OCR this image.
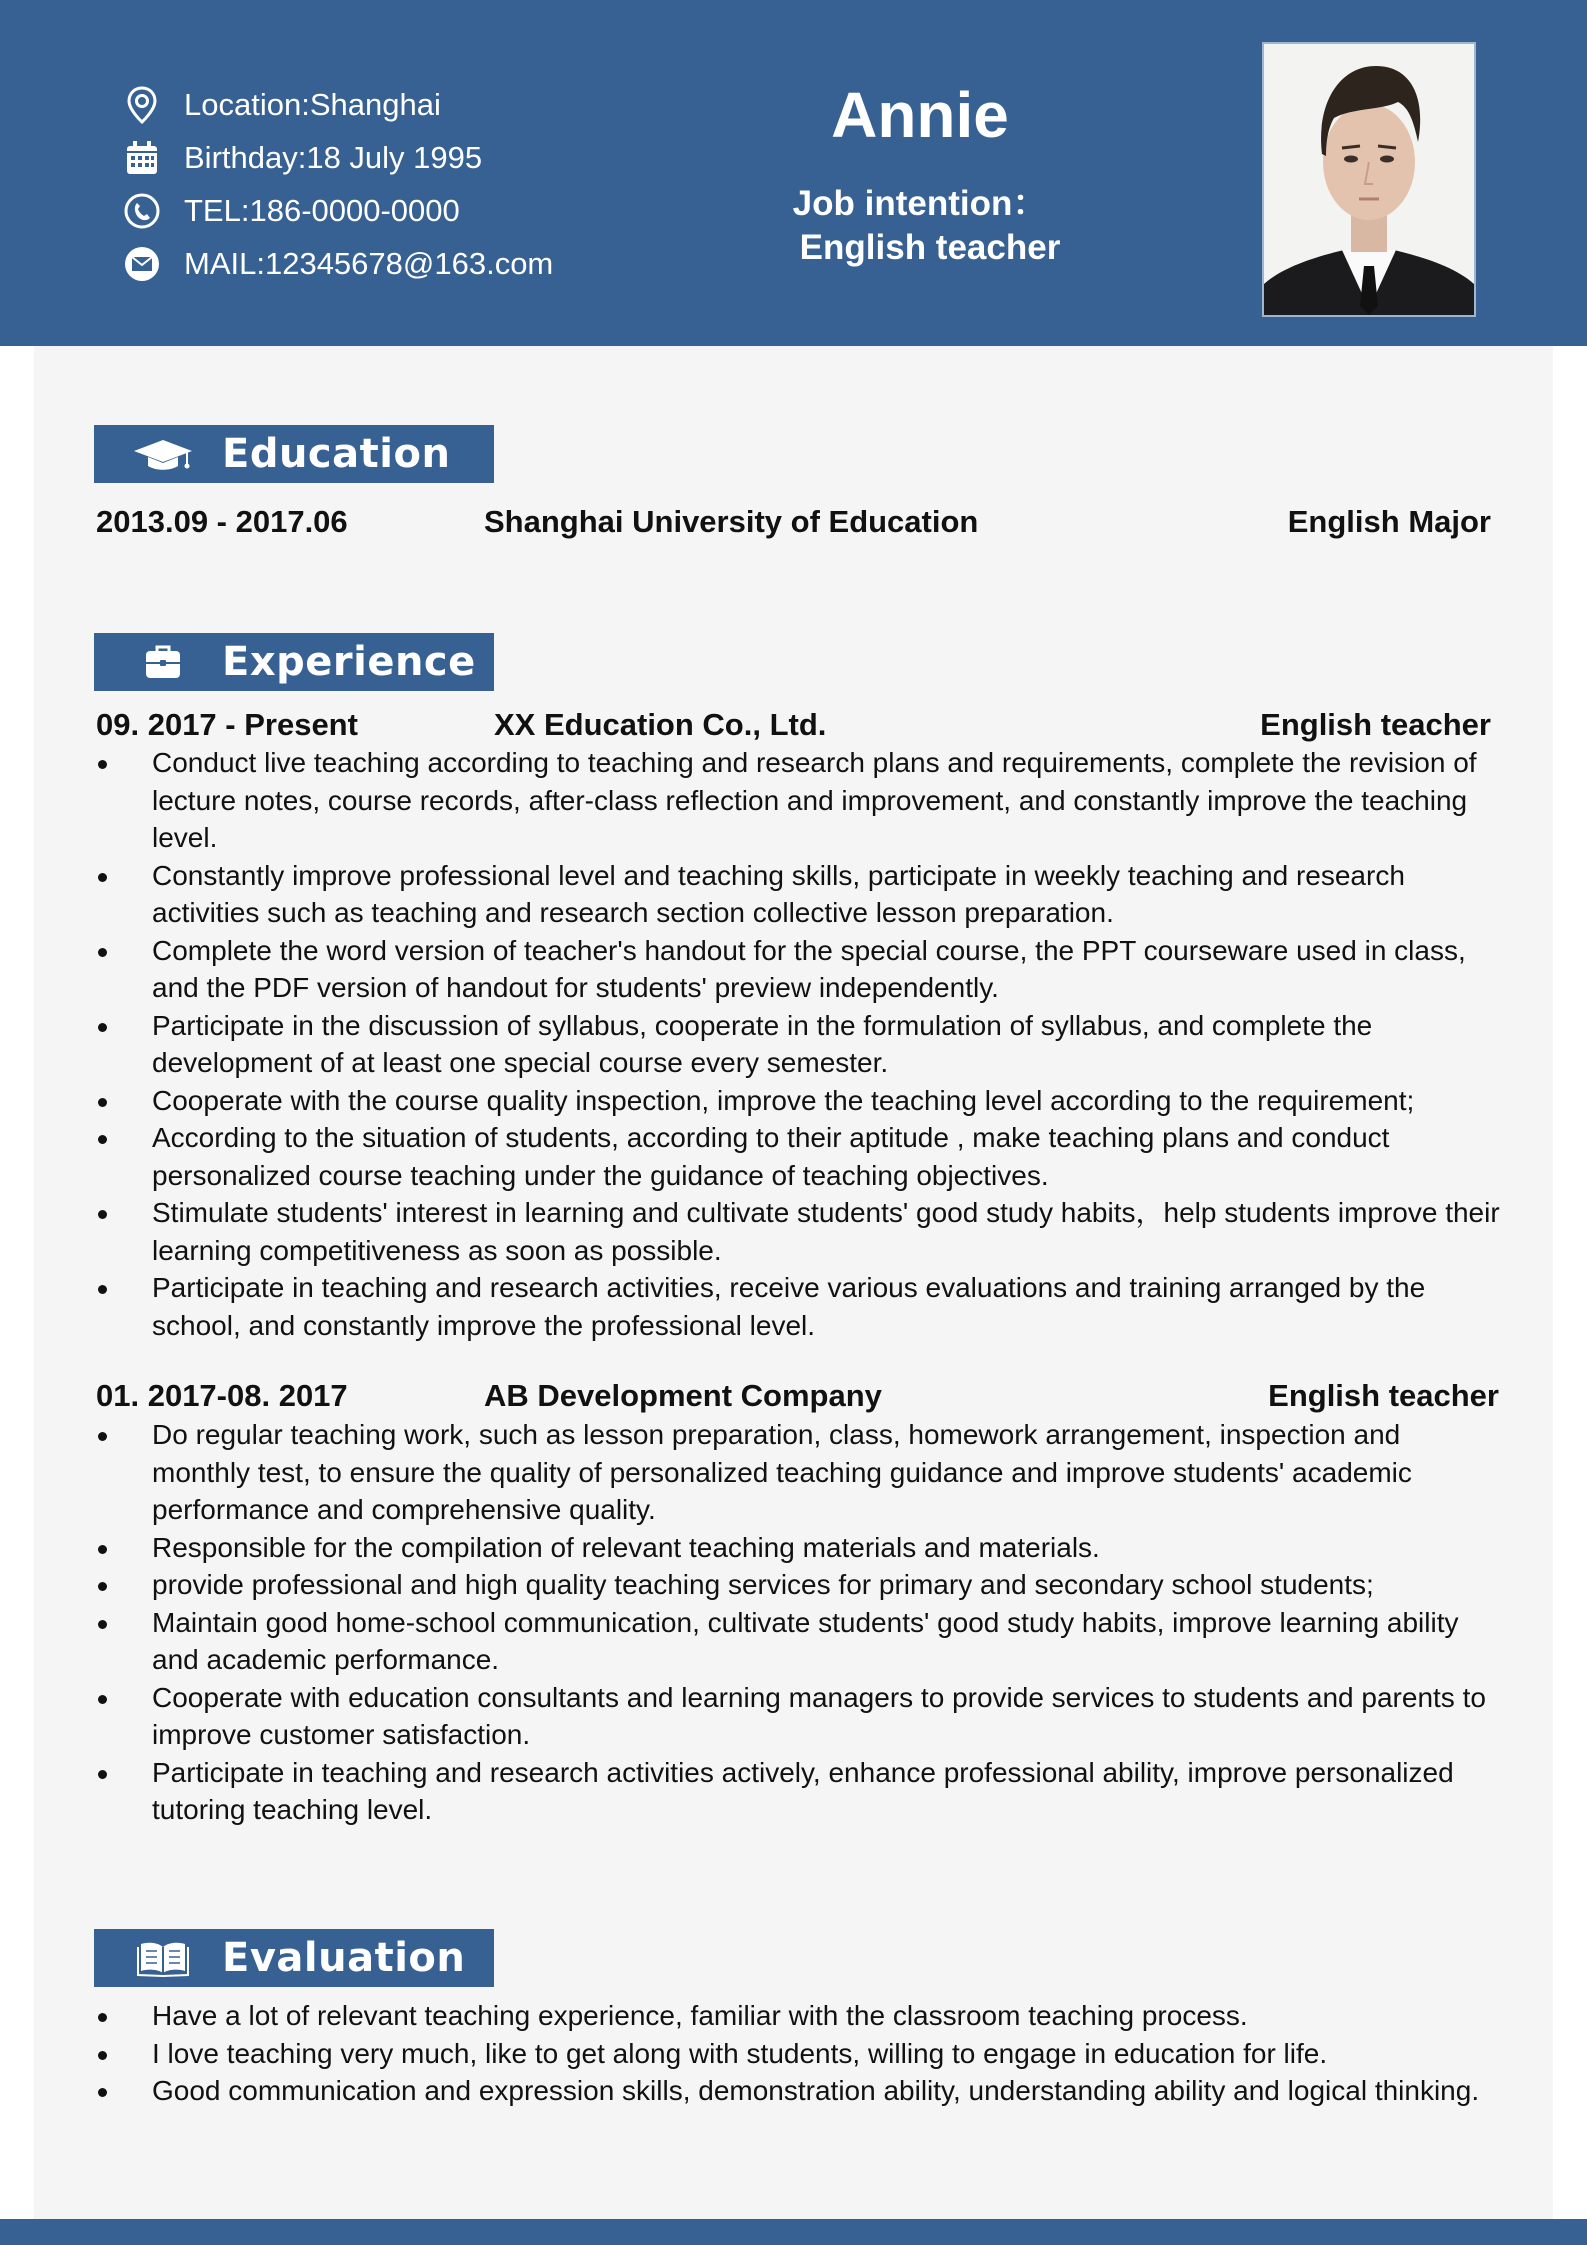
Location:Shanghai
Birthday:18 July 1995
TEL:186-0000-0000
MAIL:12345678@163.com
Annie
Job intention：
English teacher
Education
2013.09 - 2017.06	Shanghai University of Education	English Major
Experience
09. 2017 - Present	XX Education Co., Ltd.	English teacher
Conduct live teaching according to teaching and research plans and requirements, complete the revision of lecture notes, course records, after-class reflection and improvement, and constantly improve the teaching level.
Constantly improve professional level and teaching skills, participate in weekly teaching and research activities such as teaching and research section collective lesson preparation.
Complete the word version of teacher's handout for the special course, the PPT courseware used in class, and the PDF version of handout for students' preview independently.
Participate in the discussion of syllabus, cooperate in the formulation of syllabus, and complete the development of at least one special course every semester.
Cooperate with the course quality inspection, improve the teaching level according to the requirement;
According to the situation of students, according to their aptitude , make teaching plans and conduct personalized course teaching under the guidance of teaching objectives.
Stimulate students' interest in learning and cultivate students' good study habits，help students improve their learning competitiveness as soon as possible.
Participate in teaching and research activities, receive various evaluations and training arranged by the school, and constantly improve the professional level.
01. 2017-08. 2017	AB Development Company	English teacher
Do regular teaching work, such as lesson preparation, class, homework arrangement, inspection and monthly test, to ensure the quality of personalized teaching guidance and improve students' academic performance and comprehensive quality.
Responsible for the compilation of relevant teaching materials and materials.
provide professional and high quality teaching services for primary and secondary school students;
Maintain good home-school communication, cultivate students' good study habits, improve learning ability and academic performance.
Cooperate with education consultants and learning managers to provide services to students and parents to improve customer satisfaction.
Participate in teaching and research activities actively, enhance professional ability, improve personalized tutoring teaching level.
Evaluation
Have a lot of relevant teaching experience, familiar with the classroom teaching process.
I love teaching very much, like to get along with students, willing to engage in education for life.
Good communication and expression skills, demonstration ability, understanding ability and logical thinking.
